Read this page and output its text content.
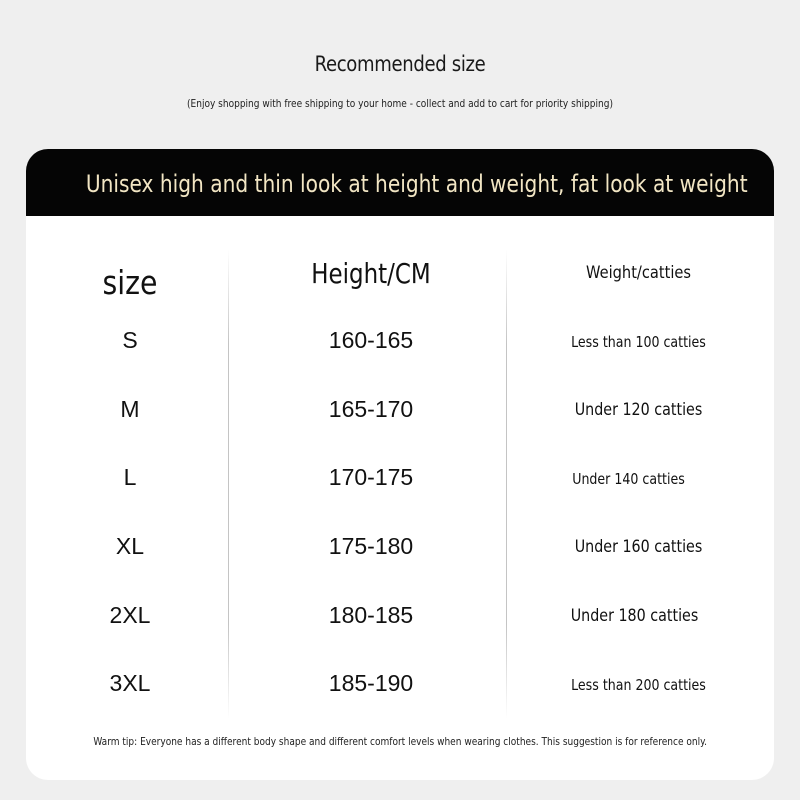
Recommended size
(Enjoy shopping with free shipping to your home - collect and add to cart for priority shipping)
Unisex high and thin look at height and weight, fat look at weight
size	Height/CM	Weight/catties
S	160-165	Less than 100 catties
M	165-170	Under 120 catties
L	170-175	Under 140 catties
XL	175-180	Under 160 catties
2XL	180-185	Under 180 catties
3XL	185-190	Less than 200 catties
Warm tip: Everyone has a different body shape and different comfort levels when wearing clothes. This suggestion is for reference only.
